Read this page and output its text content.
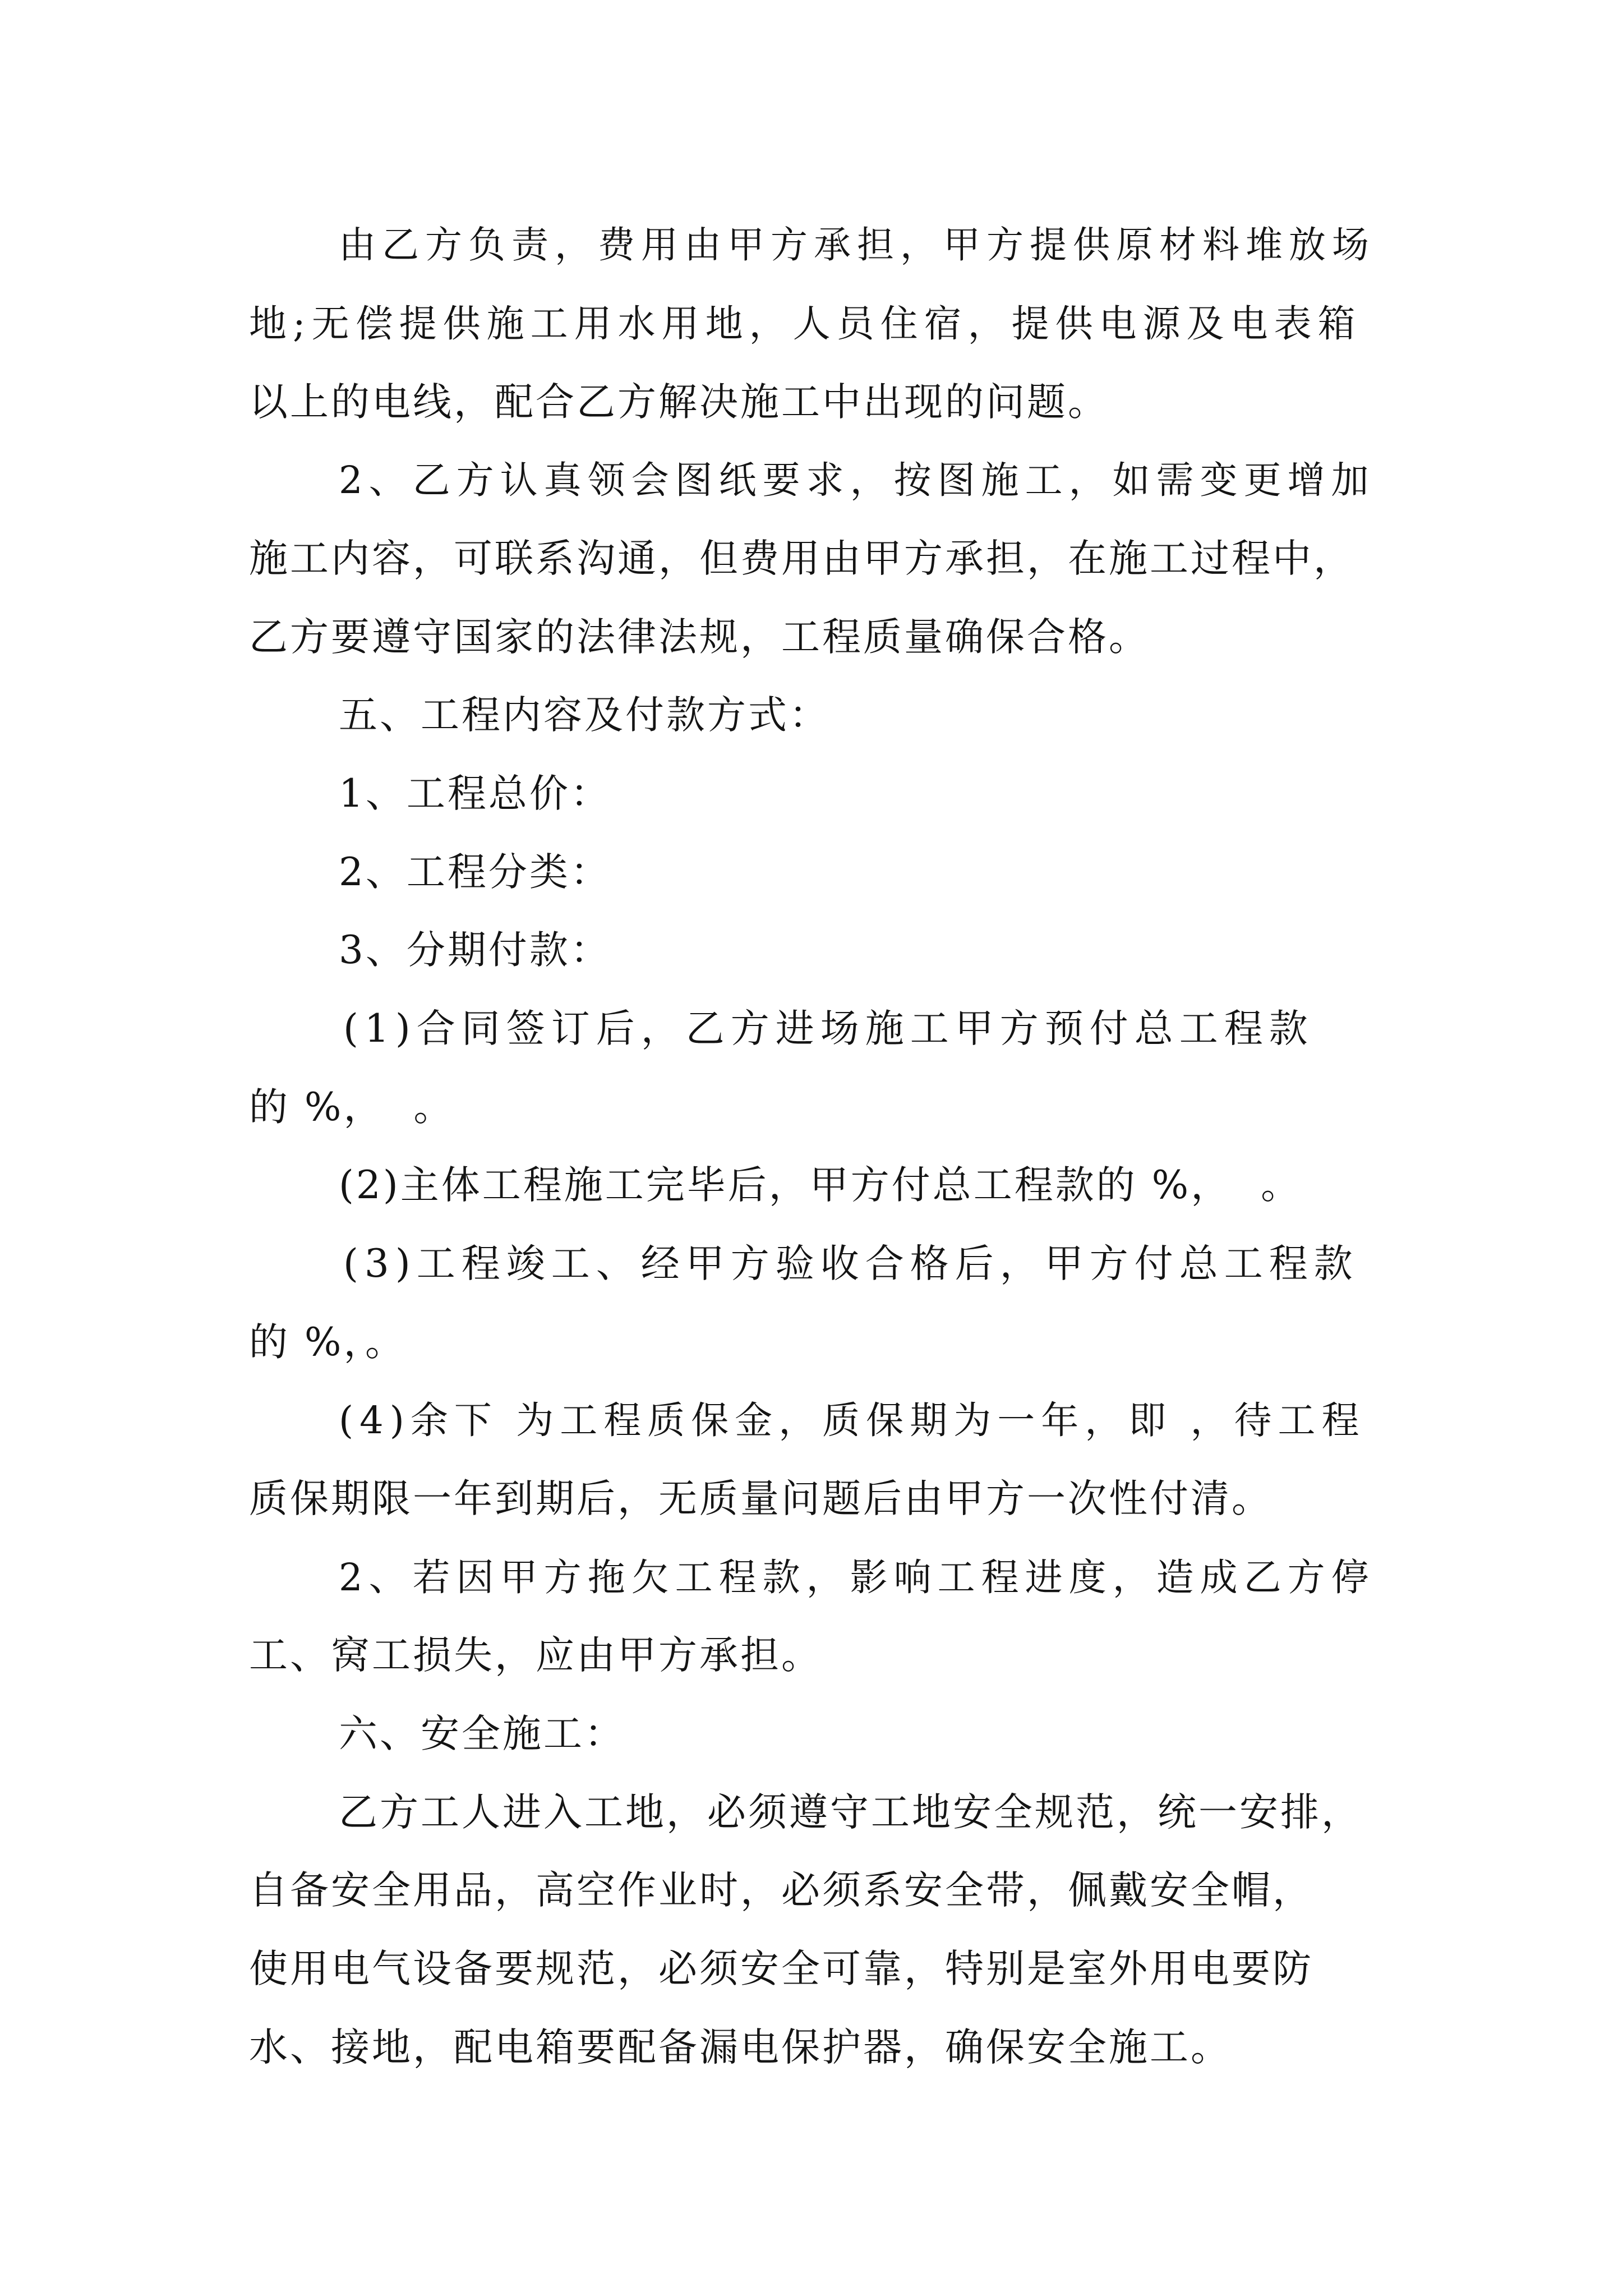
由乙方负责，费用由甲方承担，甲方提供原材料堆放场
地;无偿提供施工用水用地，人员住宿，提供电源及电表箱
以上的电线，配合乙方解决施工中出现的问题。
2、乙方认真领会图纸要求，按图施工，如需变更增加
施工内容，可联系沟通，但费用由甲方承担，在施工过程中，
乙方要遵守国家的法律法规，工程质量确保合格。
五、工程内容及付款方式：
1、工程总价：
2、工程分类：
3、分期付款：
(1)合同签订后，乙方进场施工甲方预付总工程款
的 %，  。
(2)主体工程施工完毕后，甲方付总工程款的 %，  。
(3)工程竣工、经甲方验收合格后，甲方付总工程款
的 %，。
(4)余下 为工程质保金，质保期为一年，即 ，待工程
质保期限一年到期后，无质量问题后由甲方一次性付清。
2、若因甲方拖欠工程款，影响工程进度，造成乙方停
工、窝工损失，应由甲方承担。
六、安全施工：
乙方工人进入工地，必须遵守工地安全规范，统一安排，
自备安全用品，高空作业时，必须系安全带，佩戴安全帽，
使用电气设备要规范，必须安全可靠，特别是室外用电要防
水、接地，配电箱要配备漏电保护器，确保安全施工。
